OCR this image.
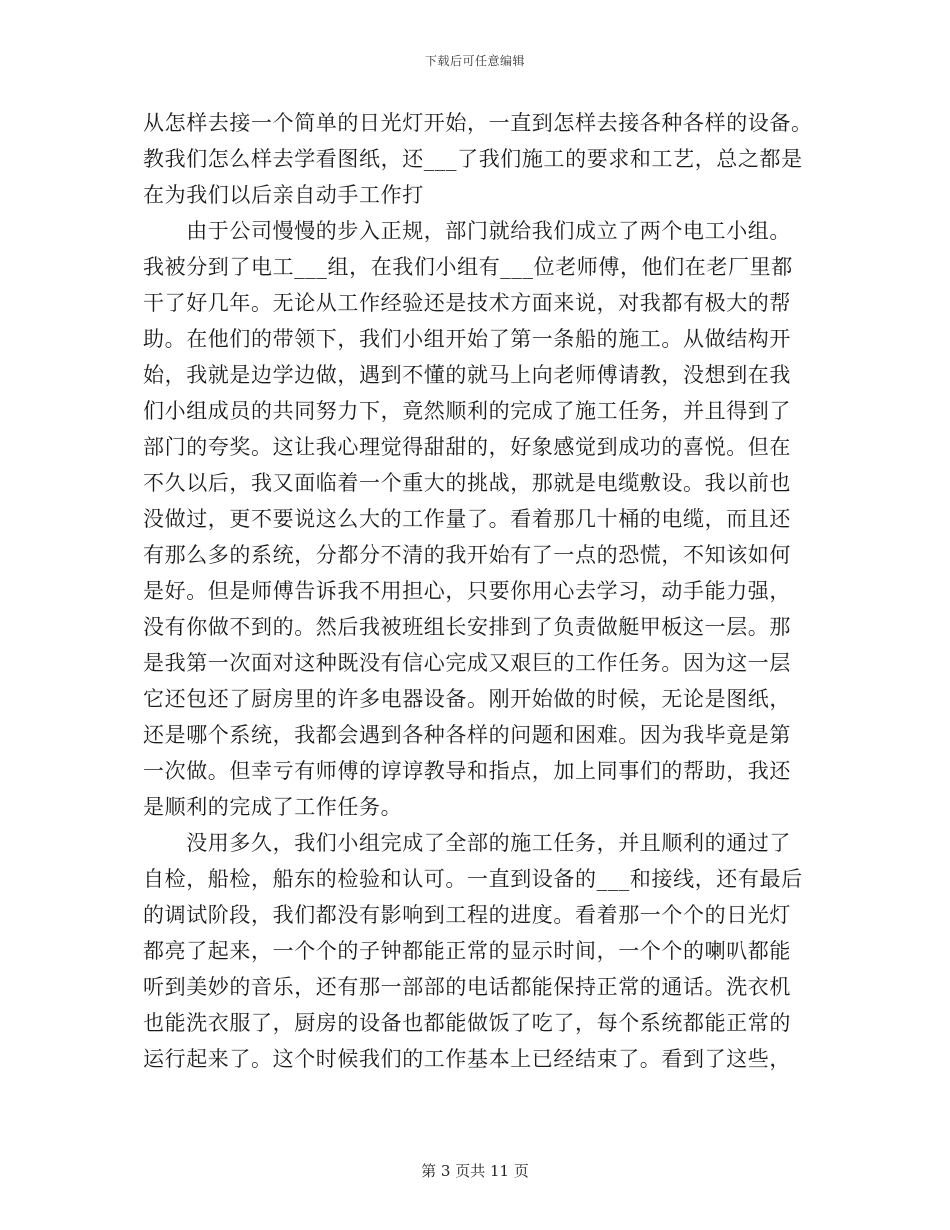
下载后可任意编辑
从怎样去接一个简单的日光灯开始，一直到怎样去接各种各样的设备。
教我们怎么样去学看图纸，还___了我们施工的要求和工艺，总之都是
在为我们以后亲自动手工作打
　　由于公司慢慢的步入正规，部门就给我们成立了两个电工小组。
我被分到了电工___组，在我们小组有___位老师傅，他们在老厂里都
干了好几年。无论从工作经验还是技术方面来说，对我都有极大的帮
助。在他们的带领下，我们小组开始了第一条船的施工。从做结构开
始，我就是边学边做，遇到不懂的就马上向老师傅请教，没想到在我
们小组成员的共同努力下，竟然顺利的完成了施工任务，并且得到了
部门的夸奖。这让我心理觉得甜甜的，好象感觉到成功的喜悦。但在
不久以后，我又面临着一个重大的挑战，那就是电缆敷设。我以前也
没做过，更不要说这么大的工作量了。看着那几十桶的电缆，而且还
有那么多的系统，分都分不清的我开始有了一点的恐慌，不知该如何
是好。但是师傅告诉我不用担心，只要你用心去学习，动手能力强，
没有你做不到的。然后我被班组长安排到了负责做艇甲板这一层。那
是我第一次面对这种既没有信心完成又艰巨的工作任务。因为这一层
它还包还了厨房里的许多电器设备。刚开始做的时候，无论是图纸，
还是哪个系统，我都会遇到各种各样的问题和困难。因为我毕竟是第
一次做。但幸亏有师傅的谆谆教导和指点，加上同事们的帮助，我还
是顺利的完成了工作任务。
　　没用多久，我们小组完成了全部的施工任务，并且顺利的通过了
自检，船检，船东的检验和认可。一直到设备的___和接线，还有最后
的调试阶段，我们都没有影响到工程的进度。看着那一个个的日光灯
都亮了起来，一个个的子钟都能正常的显示时间，一个个的喇叭都能
听到美妙的音乐，还有那一部部的电话都能保持正常的通话。洗衣机
也能洗衣服了，厨房的设备也都能做饭了吃了，每个系统都能正常的
运行起来了。这个时候我们的工作基本上已经结束了。看到了这些，
第 3 页共 11 页
